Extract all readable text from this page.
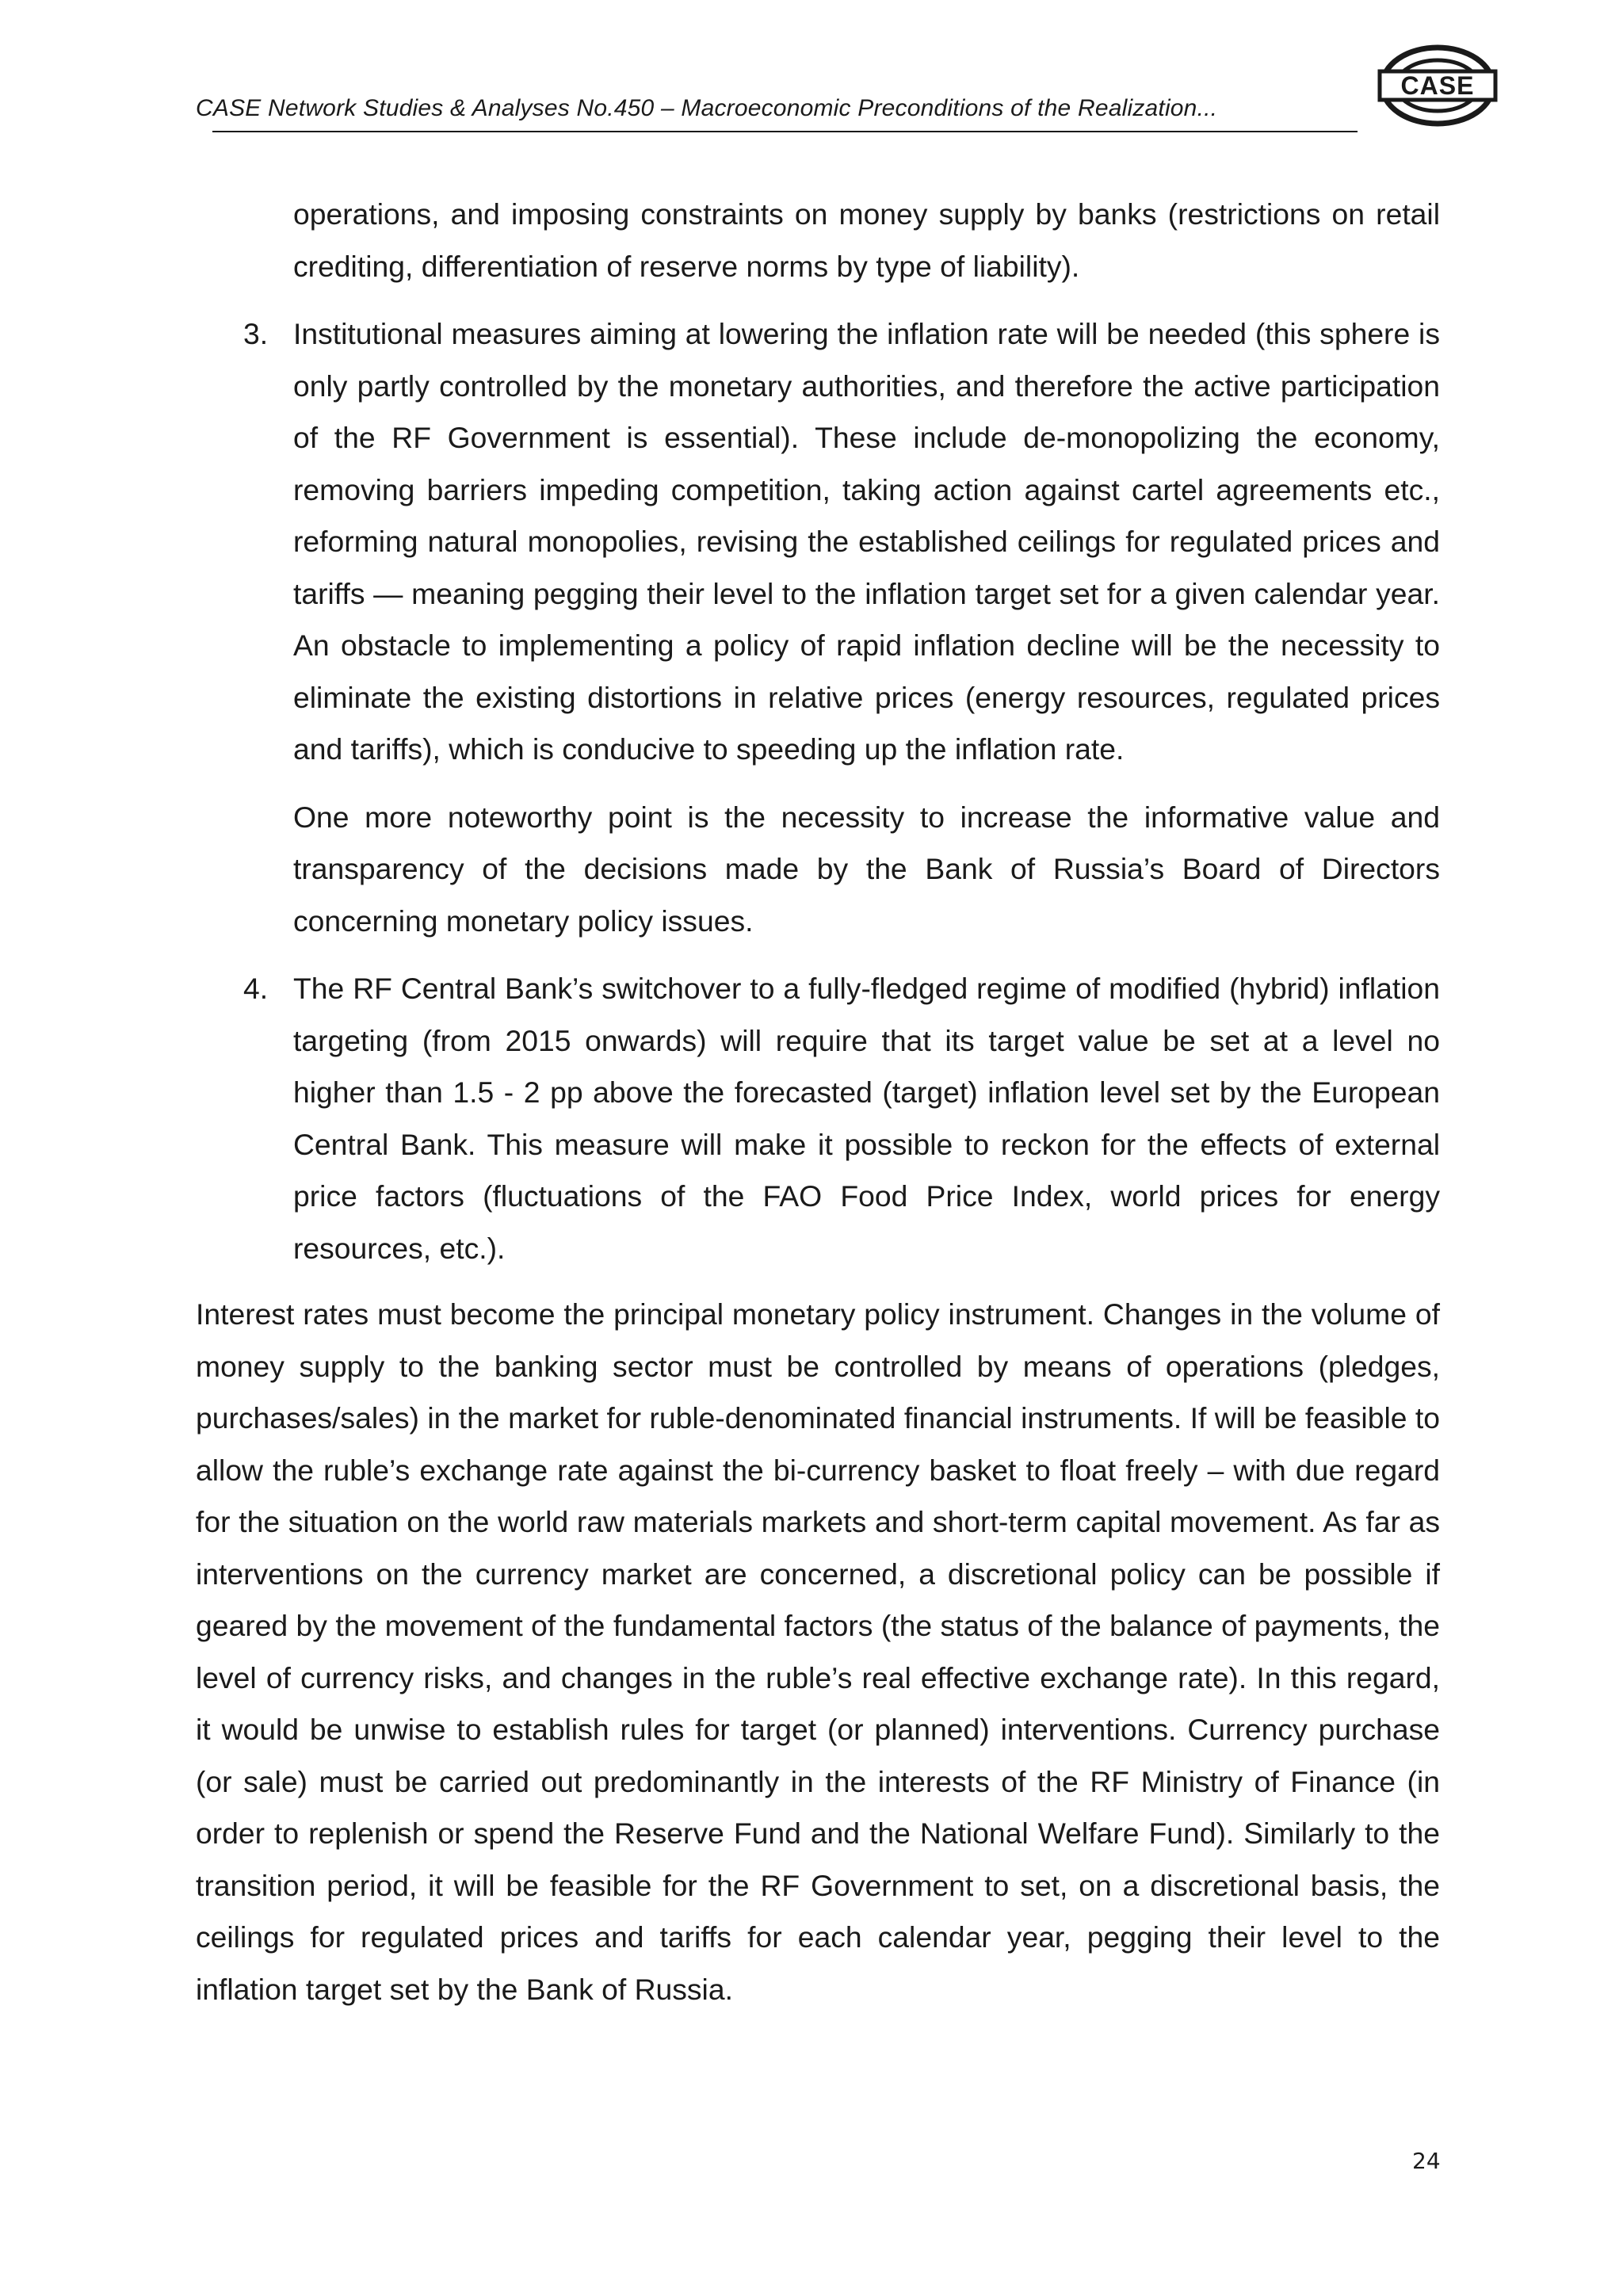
CASE Network Studies & Analyses No.450 – Macroeconomic Preconditions of the Realization...
CASE

operations, and imposing constraints on money supply by banks (restrictions on retail crediting, differentiation of reserve norms by type of liability).

3. Institutional measures aiming at lowering the inflation rate will be needed (this sphere is only partly controlled by the monetary authorities, and therefore the active participation of the RF Government is essential). These include de-monopolizing the economy, removing barriers impeding competition, taking action against cartel agreements etc., reforming natural monopolies, revising the established ceilings for regulated prices and tariffs — meaning pegging their level to the inflation target set for a given calendar year. An obstacle to implementing a policy of rapid inflation decline will be the necessity to eliminate the existing distortions in relative prices (energy resources, regulated prices and tariffs), which is conducive to speeding up the inflation rate.

One more noteworthy point is the necessity to increase the informative value and transparency of the decisions made by the Bank of Russia’s Board of Directors concerning monetary policy issues.

4. The RF Central Bank’s switchover to a fully-fledged regime of modified (hybrid) inflation targeting (from 2015 onwards) will require that its target value be set at a level no higher than 1.5 - 2 pp above the forecasted (target) inflation level set by the European Central Bank. This measure will make it possible to reckon for the effects of external price factors (fluctuations of the FAO Food Price Index, world prices for energy resources, etc.).

Interest rates must become the principal monetary policy instrument. Changes in the volume of money supply to the banking sector must be controlled by means of operations (pledges, purchases/sales) in the market for ruble-denominated financial instruments. If will be feasible to allow the ruble’s exchange rate against the bi-currency basket to float freely – with due regard for the situation on the world raw materials markets and short-term capital movement. As far as interventions on the currency market are concerned, a discretional policy can be possible if geared by the movement of the fundamental factors (the status of the balance of payments, the level of currency risks, and changes in the ruble’s real effective exchange rate). In this regard, it would be unwise to establish rules for target (or planned) interventions. Currency purchase (or sale) must be carried out predominantly in the interests of the RF Ministry of Finance (in order to replenish or spend the Reserve Fund and the National Welfare Fund). Similarly to the transition period, it will be feasible for the RF Government to set, on a discretional basis, the ceilings for regulated prices and tariffs for each calendar year, pegging their level to the inflation target set by the Bank of Russia.

24
